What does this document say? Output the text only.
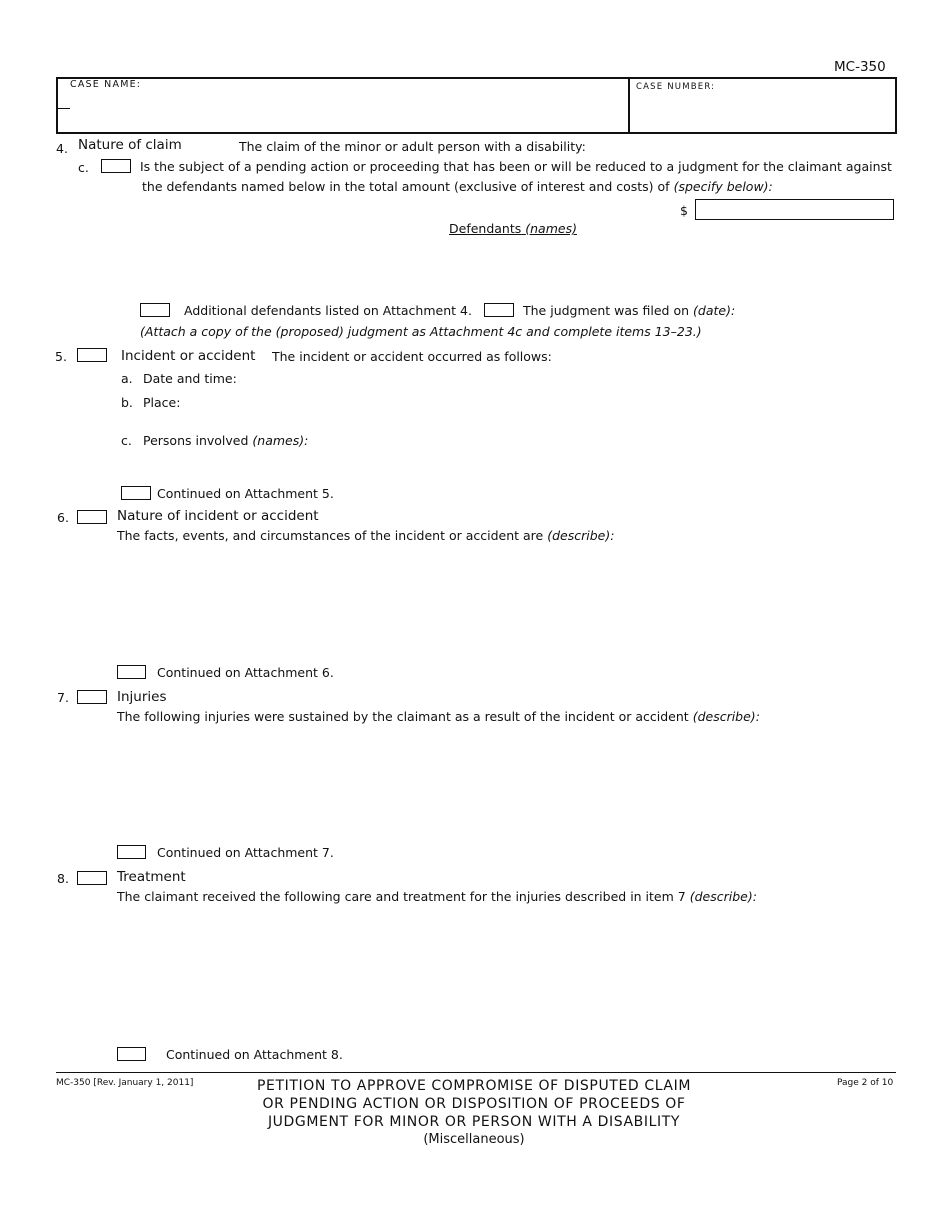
MC-350
CASE NAME:	CASE NUMBER:
4. Nature of claim	The claim of the minor or adult person with a disability:
c.	Is the subject of a pending action or proceeding that has been or will be reduced to a judgment for the claimant against
the defendants named below in the total amount (exclusive of interest and costs) of (specify below):
$
Defendants (names)
Additional defendants listed on Attachment 4.	The judgment was filed on (date):
(Attach a copy of the (proposed) judgment as Attachment 4c and complete items 13–23.)
5.	Incident or accident The incident or accident occurred as follows:
a. Date and time:
b. Place:
c. Persons involved (names):
Continued on Attachment 5.
6.	Nature of incident or accident
The facts, events, and circumstances of the incident or accident are (describe):
Continued on Attachment 6.
7.	Injuries
The following injuries were sustained by the claimant as a result of the incident or accident (describe):
Continued on Attachment 7.
8.	Treatment
The claimant received the following care and treatment for the injuries described in item 7 (describe):
Continued on Attachment 8.
MC-350 [Rev. January 1, 2011]	PETITION TO APPROVE COMPROMISE OF DISPUTED CLAIM
OR PENDING ACTION OR DISPOSITION OF PROCEEDS OF
JUDGMENT FOR MINOR OR PERSON WITH A DISABILITY
(Miscellaneous)
Page 2 of 10
